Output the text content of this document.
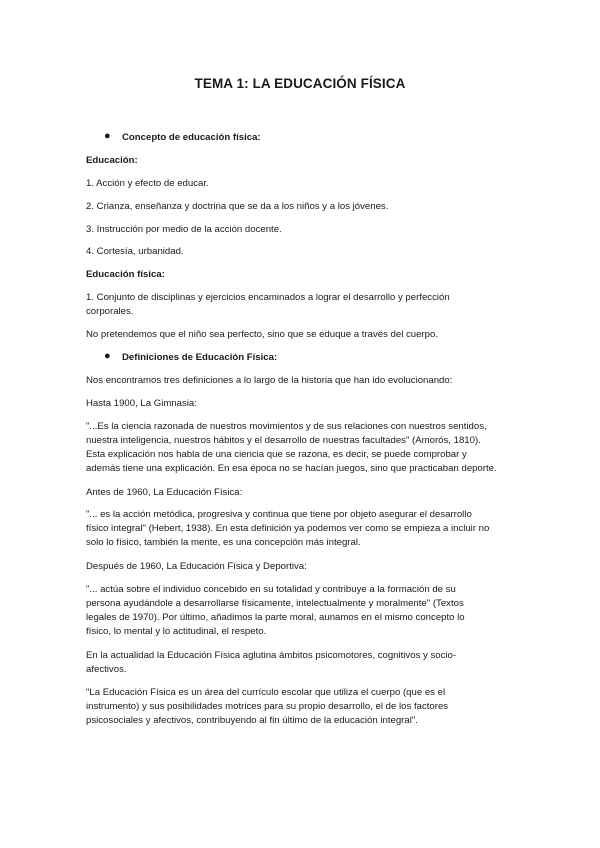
TEMA 1: LA EDUCACIÓN FÍSICA
● Concepto de educación física:
Educación:
1. Acción y efecto de educar.
2. Crianza, enseñanza y doctrina que se da a los niños y a los jóvenes.
3. Instrucción por medio de la acción docente.
4. Cortesía, urbanidad.
Educación física:
1. Conjunto de disciplinas y ejercicios encaminados a lograr el desarrollo y perfección
corporales.
No pretendemos que el niño sea perfecto, sino que se eduque a través del cuerpo.
● Definiciones de Educación Física:
Nos encontramos tres definiciones a lo largo de la historia que han ido evolucionando:
Hasta 1900, La Gimnasia:
"...Es la ciencia razonada de nuestros movimientos y de sus relaciones con nuestros sentidos,
nuestra inteligencia, nuestros hábitos y el desarrollo de nuestras facultades" (Amorós, 1810).
Esta explicación nos habla de una ciencia que se razona, es decir, se puede comprobar y
además tiene una explicación. En esa época no se hacían juegos, sino que practicaban deporte.
Antes de 1960, La Educación Física:
"... es la acción metódica, progresiva y continua que tiene por objeto asegurar el desarrollo
físico integral" (Hebert, 1938). En esta definición ya podemos ver como se empieza a incluir no
solo lo físico, también la mente, es una concepción más integral.
Después de 1960, La Educación Física y Deportiva:
"... actúa sobre el individuo concebido en su totalidad y contribuye a la formación de su
persona ayudándole a desarrollarse físicamente, intelectualmente y moralmente" (Textos
legales de 1970). Por último, añadimos la parte moral, aunamos en el mismo concepto lo
físico, lo mental y lo actitudinal, el respeto.
En la actualidad la Educación Física aglutina ámbitos psicomotores, cognitivos y socio-
afectivos.
"La Educación Física es un área del currículo escolar que utiliza el cuerpo (que es el
instrumento) y sus posibilidades motrices para su propio desarrollo, el de los factores
psicosociales y afectivos, contribuyendo al fin último de la educación integral".
